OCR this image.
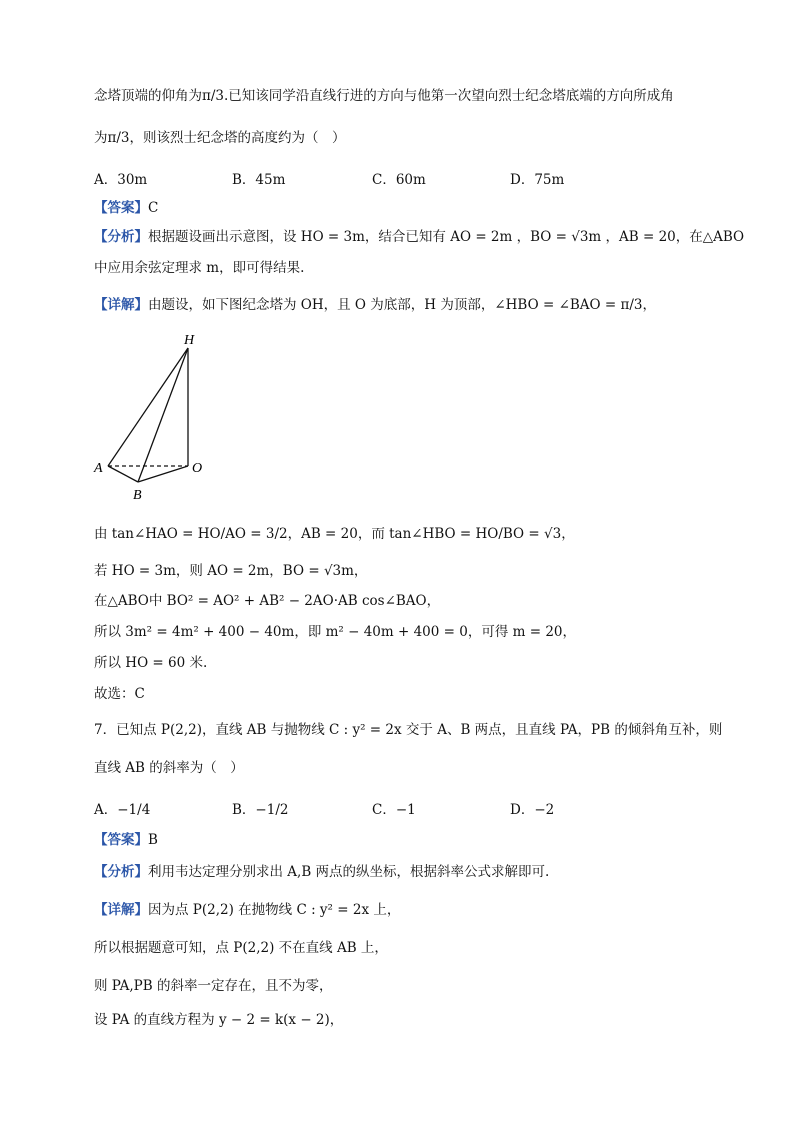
念塔顶端的仰角为π/3.已知该同学沿直线行进的方向与他第一次望向烈士纪念塔底端的方向所成角
为π/3，则该烈士纪念塔的高度约为（　）
A．30m	B．45m	C．60m	D．75m
【答案】C
【分析】根据题设画出示意图，设 HO = 3m，结合已知有 AO = 2m ，BO = √3m ，AB = 20，在△ABO
中应用余弦定理求 m，即可得结果.
【详解】由题设，如下图纪念塔为 OH，且 O 为底部，H 为顶部，∠HBO = ∠BAO = π/3，
H
A	O
B
由 tan∠HAO = HO/AO = 3/2，AB = 20，而 tan∠HBO = HO/BO = √3，
若 HO = 3m，则 AO = 2m，BO = √3m，
在△ABO中 BO² = AO² + AB² − 2AO·AB cos∠BAO，
所以 3m² = 4m² + 400 − 40m，即 m² − 40m + 400 = 0，可得 m = 20，
所以 HO = 60 米.
故选：C
7．已知点 P(2,2)，直线 AB 与抛物线 C : y² = 2x 交于 A、B 两点，且直线 PA，PB 的倾斜角互补，则
直线 AB 的斜率为（　）
A．−1/4	B．−1/2	C．−1	D．−2
【答案】B
【分析】利用韦达定理分别求出 A,B 两点的纵坐标，根据斜率公式求解即可.
【详解】因为点 P(2,2) 在抛物线 C : y² = 2x 上，
所以根据题意可知，点 P(2,2) 不在直线 AB 上，
则 PA,PB 的斜率一定存在，且不为零，
设 PA 的直线方程为 y − 2 = k(x − 2)，
